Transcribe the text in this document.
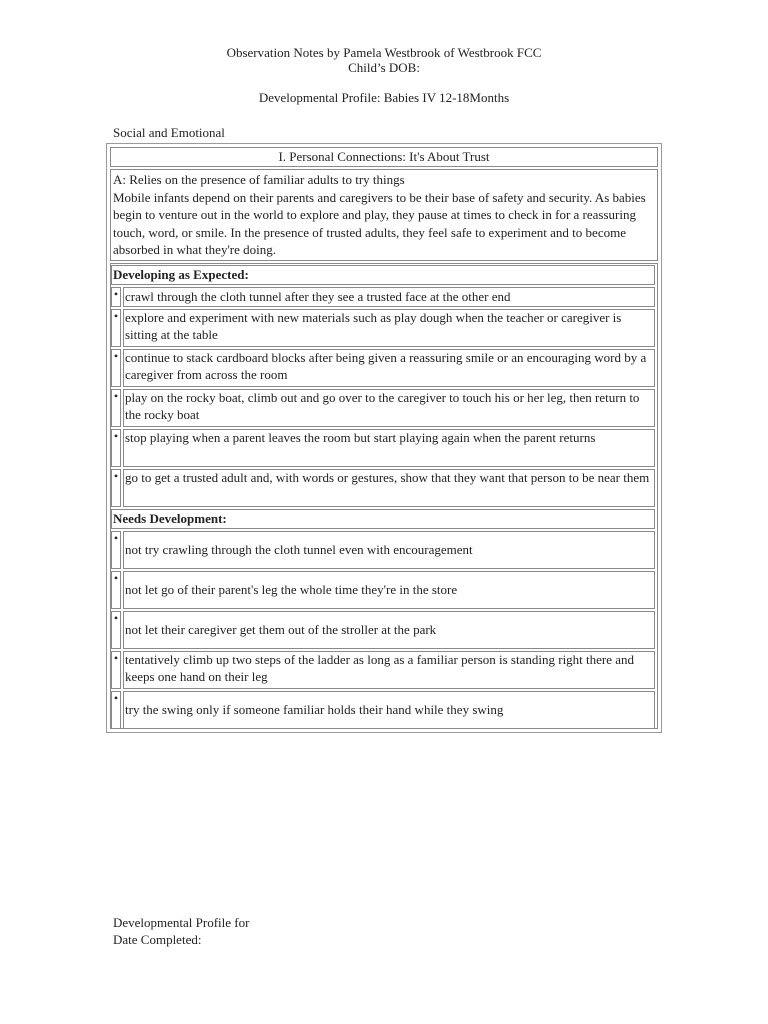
Observation Notes by Pamela Westbrook of Westbrook FCC
Child’s DOB:
Developmental Profile: Babies IV 12-18Months
Social and Emotional
I. Personal Connections: It's About Trust
A: Relies on the presence of familiar adults to try things
Mobile infants depend on their parents and caregivers to be their base of safety and security. As babies begin to venture out in the world to explore and play, they pause at times to check in for a reassuring touch, word, or smile. In the presence of trusted adults, they feel safe to experiment and to become absorbed in what they're doing.
Developing as Expected:
• crawl through the cloth tunnel after they see a trusted face at the other end
• explore and experiment with new materials such as play dough when the teacher or caregiver is sitting at the table
• continue to stack cardboard blocks after being given a reassuring smile or an encouraging word by a caregiver from across the room
• play on the rocky boat, climb out and go over to the caregiver to touch his or her leg, then return to the rocky boat
• stop playing when a parent leaves the room but start playing again when the parent returns
• go to get a trusted adult and, with words or gestures, show that they want that person to be near them
Needs Development:
•
not try crawling through the cloth tunnel even with encouragement
•
not let go of their parent's leg the whole time they're in the store
•
not let their caregiver get them out of the stroller at the park
• tentatively climb up two steps of the ladder as long as a familiar person is standing right there and keeps one hand on their leg
•
try the swing only if someone familiar holds their hand while they swing
Developmental Profile for
Date Completed:
